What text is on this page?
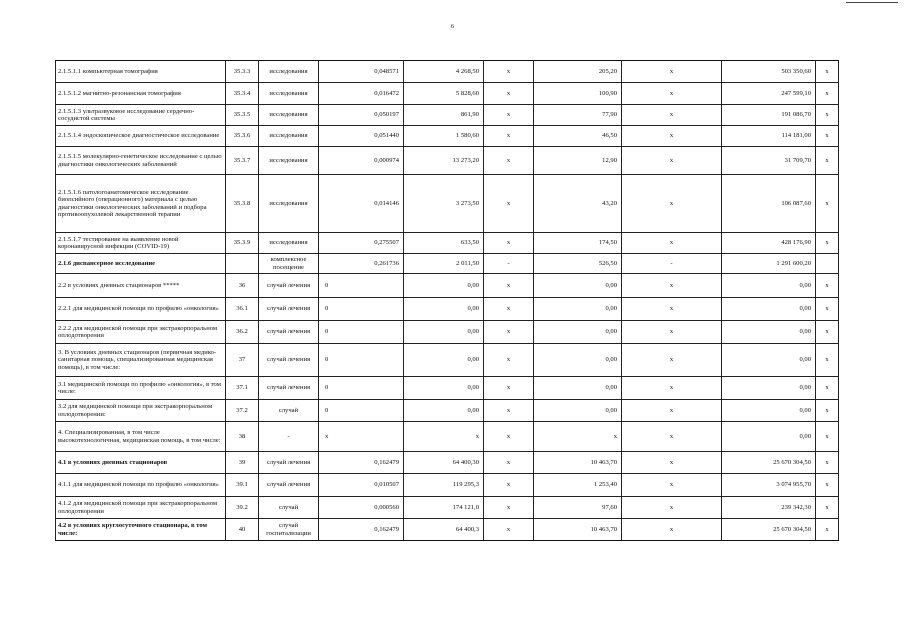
6
2.1.5.1.1 компьютерная томография	35.3.3	исследования	0,048571	4 268,50	х	205,20	х	503 350,60	х
2.1.5.1.2 магнитно-резонансная томография	35.3.4	исследования	0,016472	5 828,60	х	100,90	х	247 599,10	х
2.1.5.1.3 ультразвуковое исследование сердечно-сосудистой системы	35.3.5	исследования	0,050197	861,90	х	77,90	х	191 086,70	х
2.1.5.1.4 эндоскопическое диагностическое исследование	35.3.6	исследования	0,051440	1 580,60	х	46,50	х	114 181,00	х
2.1.5.1.5 молекулярно-генетическое исследование с целью диагностики онкологических заболеваний	35.3.7	исследования	0,000974	13 273,20	х	12,90	х	31 709,70	х
2.1.5.1.6 патологоанатомическое исследование биопсийного (операционного) материала с целью диагностики онкологических заболеваний и подбора противоопухолевой лекарственной терапии	35.3.8	исследования	0,014146	3 273,50	х	43,20	х	106 087,60	х
2.1.5.1.7 тестирование на выявление новой коронавирусной инфекции (COVID-19)	35.3.9	исследования	0,275507	633,50	х	174,50	х	428 176,90	х
2.1.6 диспансерное исследование		комплексное посещение	0,261736	2 011,50	-	526,50	-	1 291 600,20	
2.2 в условиях дневных стационаров *****	36	случай лечения	0	0,00	х	0,00	х	0,00	х
2.2.1 для медицинской помощи по профилю «онкология»	36.1	случай лечения	0	0,00	х	0,00	х	0,00	х
2.2.2 для медицинской помощи при экстракорпоральном оплодотворении	36.2	случай лечения	0	0,00	х	0,00	х	0,00	х
3. В условиях дневных стационаров (первичная медико-санитарная помощь, специализированная медицинская помощь), в том числе:	37	случай лечения	0	0,00	х	0,00	х	0,00	х
3.1 медицинской помощи по профилю «онкология», в том числе:	37.1	случай лечения	0	0,00	х	0,00	х	0,00	х
3.2 для медицинской помощи при экстракорпоральном оплодотворении:	37.2	случай	0	0,00	х	0,00	х	0,00	х
4. Специализированная, в том числе высокотехнологичная, медицинская помощь, в том числе:	38	-	х	х	х	х	х	0,00	х
4.1 в условиях дневных стационаров	39	случай лечения	0,162479	64 400,30	х	10 463,70	х	25 670 304,50	х
4.1.1 для медицинской помощи по профилю «онкология»	39.1	случай лечения	0,010507	119 295,3	х	1 253,40	х	3 074 955,70	х
4.1.2 для медицинской помощи при экстракорпоральном оплодотворении	39.2	случай	0,000560	174 121,0	х	97,60	х	239 342,30	х
4.2 в условиях круглосуточного стационара, в том числе:	40	случай госпитализации	0,162479	64 400,3	х	10 463,70	х	25 670 304,50	х
